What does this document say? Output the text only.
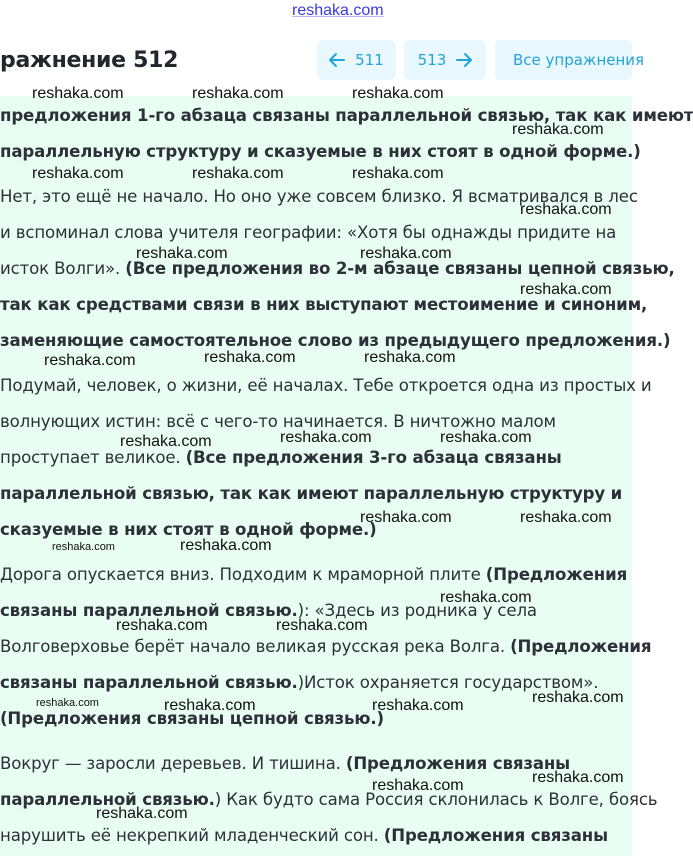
reshaka.com
ражнение 512	511 513	Все упражнения
предложения 1-го абзаца связаны параллельной связью, так как имеют
параллельную структуру и сказуемые в них стоят в одной форме.)
Нет, это ещё не начало. Но оно уже совсем близко. Я всматривался в лес
и вспоминал слова учителя географии: «Хотя бы однажды придите на
исток Волги». (Все предложения во 2-м абзаце связаны цепной связью,
так как средствами связи в них выступают местоимение и синоним,
заменяющие самостоятельное слово из предыдущего предложения.)
Подумай, человек, о жизни, её началах. Тебе откроется одна из простых и
волнующих истин: всё с чего-то начинается. В ничтожно малом
проступает великое. (Все предложения 3-го абзаца связаны
параллельной связью, так как имеют параллельную структуру и
сказуемые в них стоят в одной форме.)
Дорога опускается вниз. Подходим к мраморной плите (Предложения
связаны параллельной связью.): «Здесь из родника у села
Волговерховье берёт начало великая русская река Волга. (Предложения
связаны параллельной связью.)Исток охраняется государством».
(Предложения связаны цепной связью.)
Вокруг — заросли деревьев. И тишина. (Предложения связаны
параллельной связью.) Как будто сама Россия склонилась к Волге, боясь
нарушить её некрепкий младенческий сон. (Предложения связаны
reshaka.com	reshaka.com	reshaka.com
reshaka.com
reshaka.com	reshaka.com	reshaka.com
reshaka.com
reshaka.com	reshaka.com
reshaka.com
reshaka.com	reshaka.com	reshaka.com
reshaka.com	reshaka.com	reshaka.com
reshaka.com	reshaka.com
reshaka.com	reshaka.com
reshaka.com
reshaka.com	reshaka.com
reshaka.com
reshaka.com	reshaka.com	reshaka.com
reshaka.com
reshaka.com
reshaka.com
